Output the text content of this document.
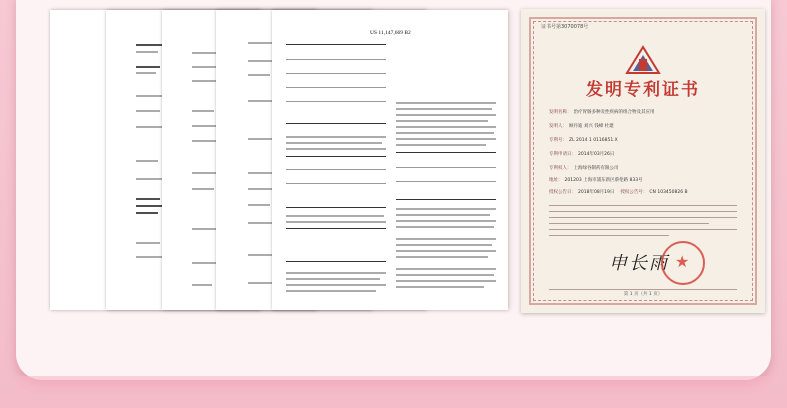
US 11,147,669 B2
证书号第3070078号
发明专利证书
发明名称： 治疗胃肠多种炎性疾病的组合物及其应用
发明人： 顾丹迪 刘兴 钱峰 杜建
专利号： ZL 2014 1 0116851.X
专利申请日： 2014年03月26日
专利权人： 上海绿谷制药有限公司
地址： 201203 上海市浦东新区蔡伦路 833号
授权公告日： 2018年08月19日 授权公告号： CN 103450826 B
申长雨 ★
第 1 页（共 1 页）
